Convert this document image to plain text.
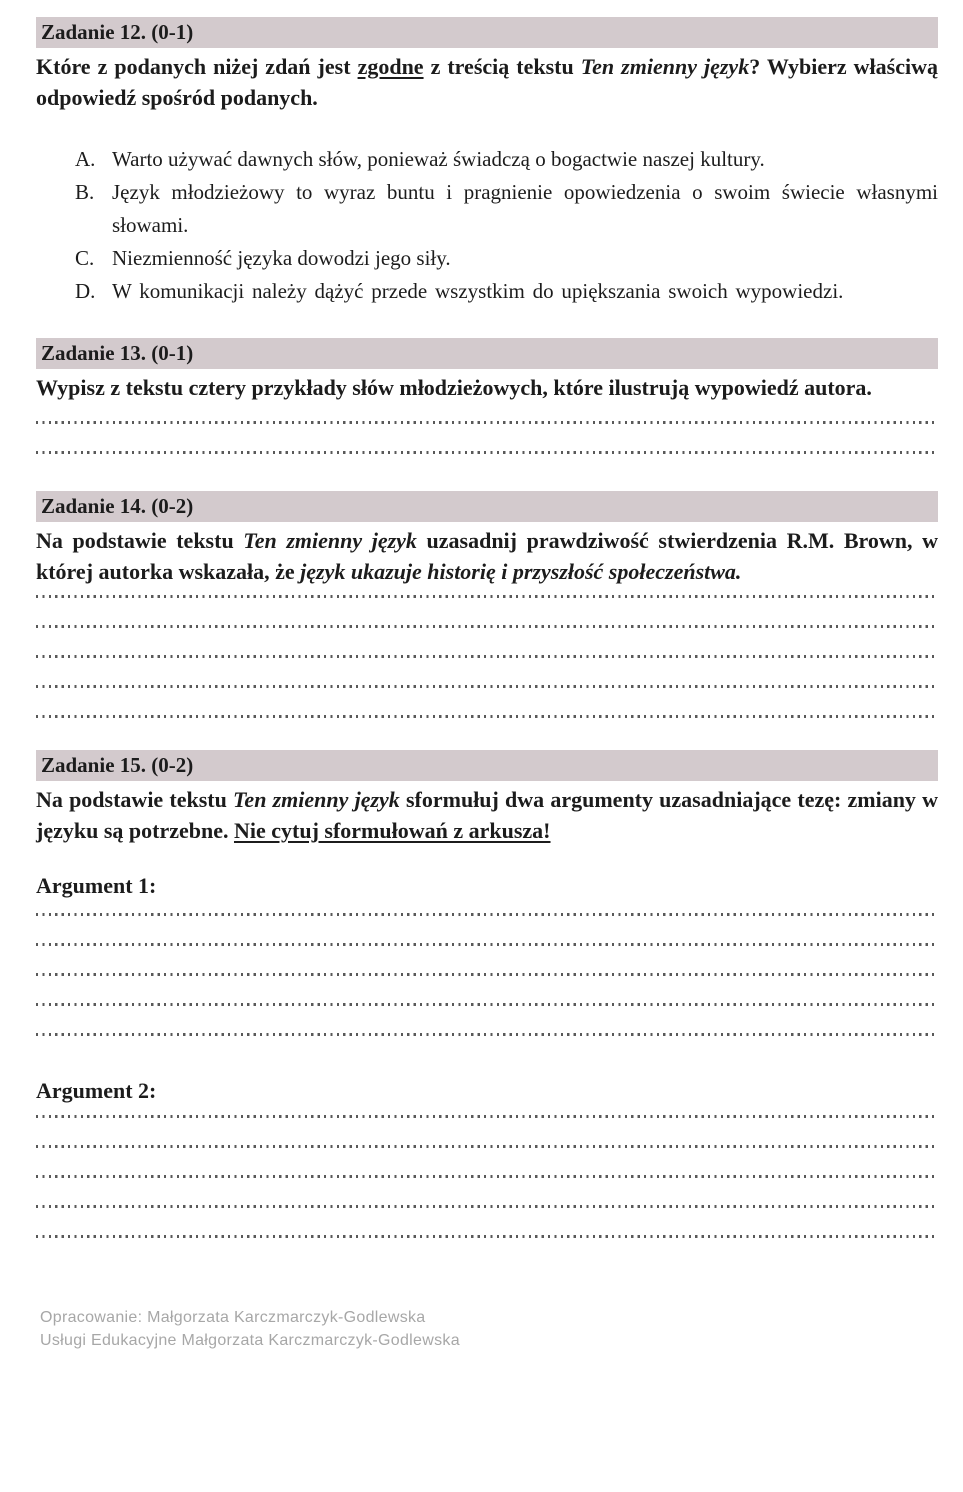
Zadanie 12. (0-1)

Które z podanych niżej zdań jest zgodne z treścią tekstu Ten zmienny język? Wybierz właściwą odpowiedź spośród podanych.

A. Warto używać dawnych słów, ponieważ świadczą o bogactwie naszej kultury.
B. Język młodzieżowy to wyraz buntu i pragnienie opowiedzenia o swoim świecie własnymi słowami.
C. Niezmienność języka dowodzi jego siły.
D. W komunikacji należy dążyć przede wszystkim do upiększania swoich wypowiedzi.
Zadanie 13. (0-1)

Wypisz z tekstu cztery przykłady słów młodzieżowych, które ilustrują wypowiedź autora.

Zadanie 14. (0-2)

Na podstawie tekstu Ten zmienny język uzasadnij prawdziwość stwierdzenia R.M. Brown, w której autorka wskazała, że język ukazuje historię i przyszłość społeczeństwa.

Zadanie 15. (0-2)

Na podstawie tekstu Ten zmienny język sformułuj dwa argumenty uzasadniające tezę: zmiany w języku są potrzebne. Nie cytuj sformułowań z arkusza!

Argument 1:
Argument 2:
Opracowanie: Małgorzata Karczmarczyk-Godlewska
Usługi Edukacyjne Małgorzata Karczmarczyk-Godlewska
